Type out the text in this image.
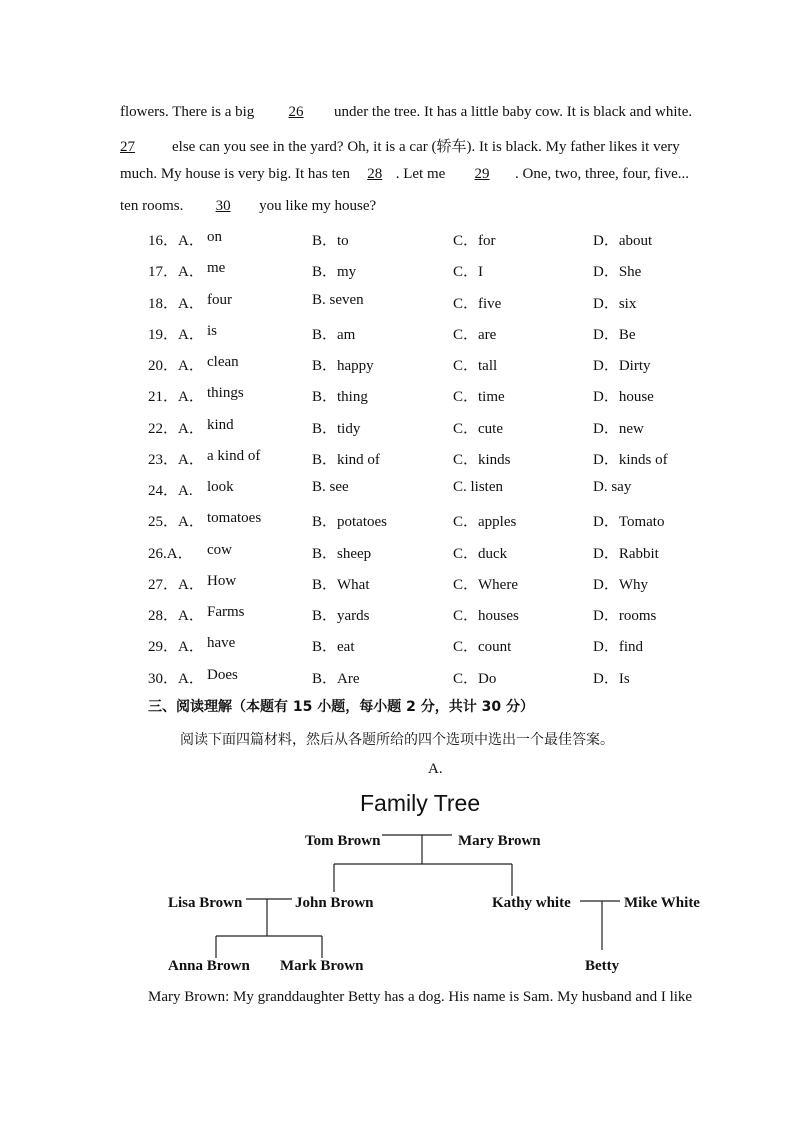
flowers. There is a big 26 under the tree. It has a little baby cow. It is black and white.
27 else can you see in the yard? Oh, it is a car (轿车). It is black. My father likes it very
much. My house is very big. It has ten 28 . Let me 29 . One, two, three, four, five...
ten rooms. 30 you like my house?
16．A． on	B．to	C．for	D．about
17．A． me	B．my	C．I	D．She
18．A． four	B. seven	C．five	D．six
19．A． is	B．am	C．are	D．Be
20．A． clean	B．happy	C．tall	D．Dirty
21．A． things	B．thing	C．time	D．house
22．A． kind	B．tidy	C．cute	D．new
23．A． a kind of	B．kind of	C．kinds	D．kinds of
24．A. look	B. see	C. listen	D. say
25．A． tomatoes	B．potatoes	C．apples	D．Tomato
26.A． cow	B．sheep	C．duck	D．Rabbit
27．A． How	B．What	C．Where	D．Why
28．A． Farms	B．yards	C．houses	D．rooms
29．A． have	B．eat	C．count	D．find
30．A． Does	B．Are	C．Do	D．Is
三、阅读理解（本题有 15 小题，每小题 2 分，共计 30 分）
阅读下面四篇材料，然后从各题所给的四个选项中选出一个最佳答案。
A.
Family Tree
Tom Brown	Mary Brown
Lisa Brown	John Brown	Kathy white	Mike White
Anna Brown Mark Brown	Betty
Mary Brown: My granddaughter Betty has a dog. His name is Sam. My husband and I like
